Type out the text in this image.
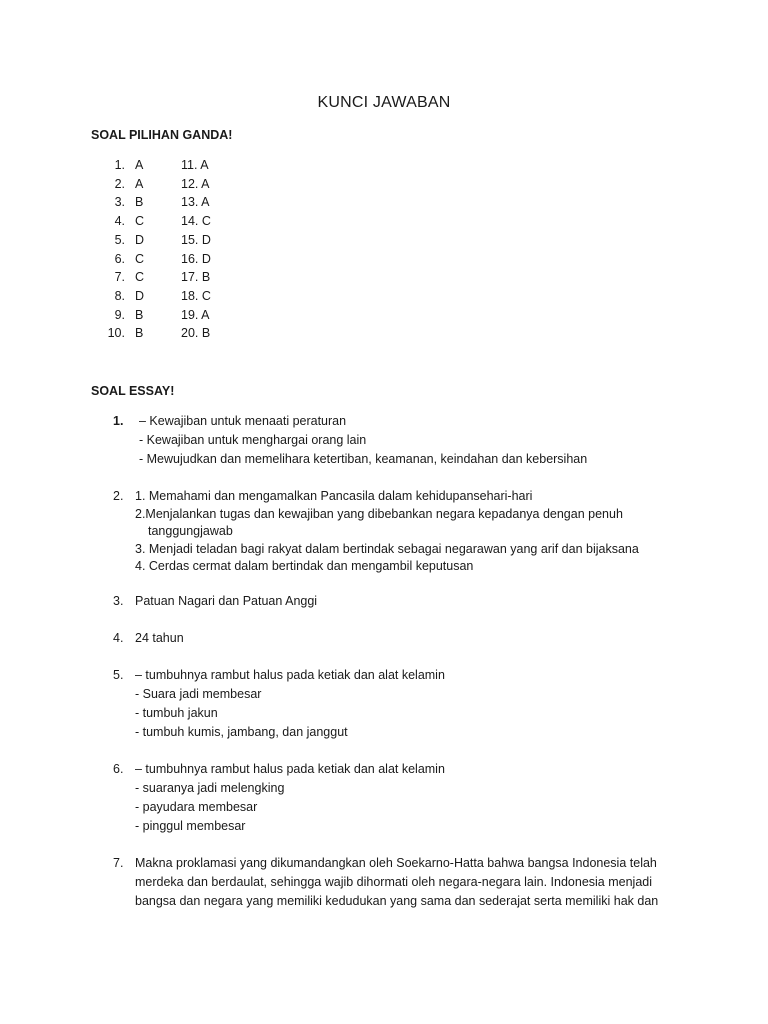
KUNCI JAWABAN
SOAL PILIHAN GANDA!
1. A	11. A
2. A	12. A
3. B	13. A
4. C	14. C
5. D	15. D
6. C	16. D
7. C	17. B
8. D	18. C
9. B	19. A
10. B	20. B
SOAL ESSAY!
1. – Kewajiban untuk menaati peraturan
- Kewajiban untuk menghargai orang lain
- Mewujudkan dan memelihara ketertiban, keamanan, keindahan dan kebersihan
2. 1. Memahami dan mengamalkan Pancasila dalam kehidupansehari-hari
2.Menjalankan tugas dan kewajiban yang dibebankan negara kepadanya dengan penuh
tanggungjawab
3. Menjadi teladan bagi rakyat dalam bertindak sebagai negarawan yang arif dan bijaksana
4. Cerdas cermat dalam bertindak dan mengambil keputusan
3. Patuan Nagari dan Patuan Anggi
4. 24 tahun
5. – tumbuhnya rambut halus pada ketiak dan alat kelamin
- Suara jadi membesar
- tumbuh jakun
- tumbuh kumis, jambang, dan janggut
6. – tumbuhnya rambut halus pada ketiak dan alat kelamin
- suaranya jadi melengking
- payudara membesar
- pinggul membesar
7. Makna proklamasi yang dikumandangkan oleh Soekarno-Hatta bahwa bangsa Indonesia telah
merdeka dan berdaulat, sehingga wajib dihormati oleh negara-negara lain. Indonesia menjadi
bangsa dan negara yang memiliki kedudukan yang sama dan sederajat serta memiliki hak dan
